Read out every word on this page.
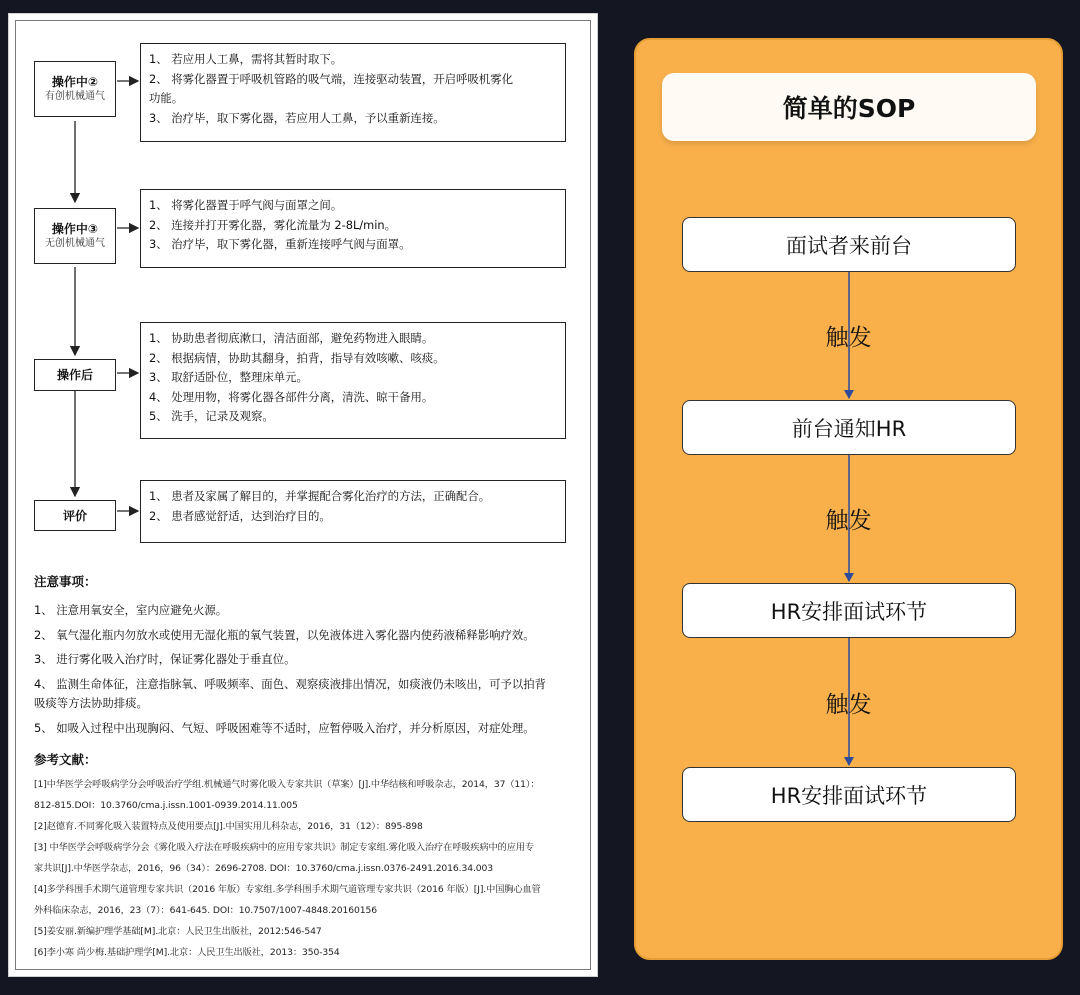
操作中②
有创机械通气
1、 若应用人工鼻，需将其暂时取下。
2、 将雾化器置于呼吸机管路的吸气端，连接驱动装置，开启呼吸机雾化
功能。
3、 治疗毕，取下雾化器，若应用人工鼻，予以重新连接。
操作中③
无创机械通气
1、 将雾化器置于呼气阀与面罩之间。
2、 连接并打开雾化器，雾化流量为 2-8L/min。
3、 治疗毕，取下雾化器，重新连接呼气阀与面罩。
操作后
1、 协助患者彻底漱口，清洁面部，避免药物进入眼睛。
2、 根据病情，协助其翻身，拍背，指导有效咳嗽、咳痰。
3、 取舒适卧位，整理床单元。
4、 处理用物，将雾化器各部件分离，清洗、晾干备用。
5、 洗手，记录及观察。
评价
1、 患者及家属了解目的，并掌握配合雾化治疗的方法，正确配合。
2、 患者感觉舒适，达到治疗目的。
注意事项：
1、 注意用氧安全，室内应避免火源。
2、 氧气湿化瓶内勿放水或使用无湿化瓶的氧气装置，以免液体进入雾化器内使药液稀释影响疗效。
3、 进行雾化吸入治疗时，保证雾化器处于垂直位。
4、 监测生命体征，注意指脉氧、呼吸频率、面色、观察痰液排出情况，如痰液仍未咳出，可予以拍背
吸痰等方法协助排痰。
5、 如吸入过程中出现胸闷、气短、呼吸困难等不适时，应暂停吸入治疗，并分析原因，对症处理。
参考文献：
[1]中华医学会呼吸病学分会呼吸治疗学组.机械通气时雾化吸入专家共识（草案）[J].中华结核和呼吸杂志，2014，37（11）：
812-815.DOI：10.3760/cma.j.issn.1001-0939.2014.11.005
[2]赵德育.不同雾化吸入装置特点及使用要点[J].中国实用儿科杂志，2016，31（12）：895-898
[3] 中华医学会呼吸病学分会《雾化吸入疗法在呼吸疾病中的应用专家共识》制定专家组.雾化吸入治疗在呼吸疾病中的应用专
家共识[J].中华医学杂志，2016，96（34）：2696-2708. DOI：10.3760/cma.j.issn.0376-2491.2016.34.003
[4]多学科围手术期气道管理专家共识（2016 年版）专家组.多学科围手术期气道管理专家共识（2016 年版）[J].中国胸心血管
外科临床杂志，2016，23（7）：641-645. DOI：10.7507/1007-4848.20160156
[5]姜安丽.新编护理学基础[M].北京：人民卫生出版社，2012:546-547
[6]李小寒 尚少梅.基础护理学[M].北京：人民卫生出版社，2013：350-354
简单的SOP
面试者来前台
触发
前台通知HR
触发
HR安排面试环节
触发
HR安排面试环节
